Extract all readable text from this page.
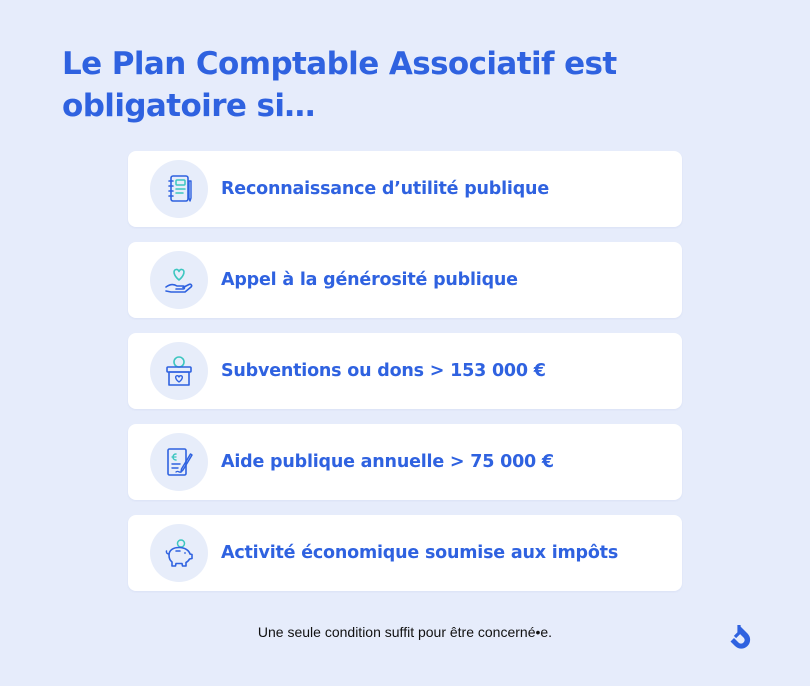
Le Plan Comptable Associatif est obligatoire si…
Reconnaissance d’utilité publique
Appel à la générosité publique
Subventions ou dons > 153 000 €
Aide publique annuelle > 75 000 €
Activité économique soumise aux impôts

Une seule condition suffit pour être concerné•e.
